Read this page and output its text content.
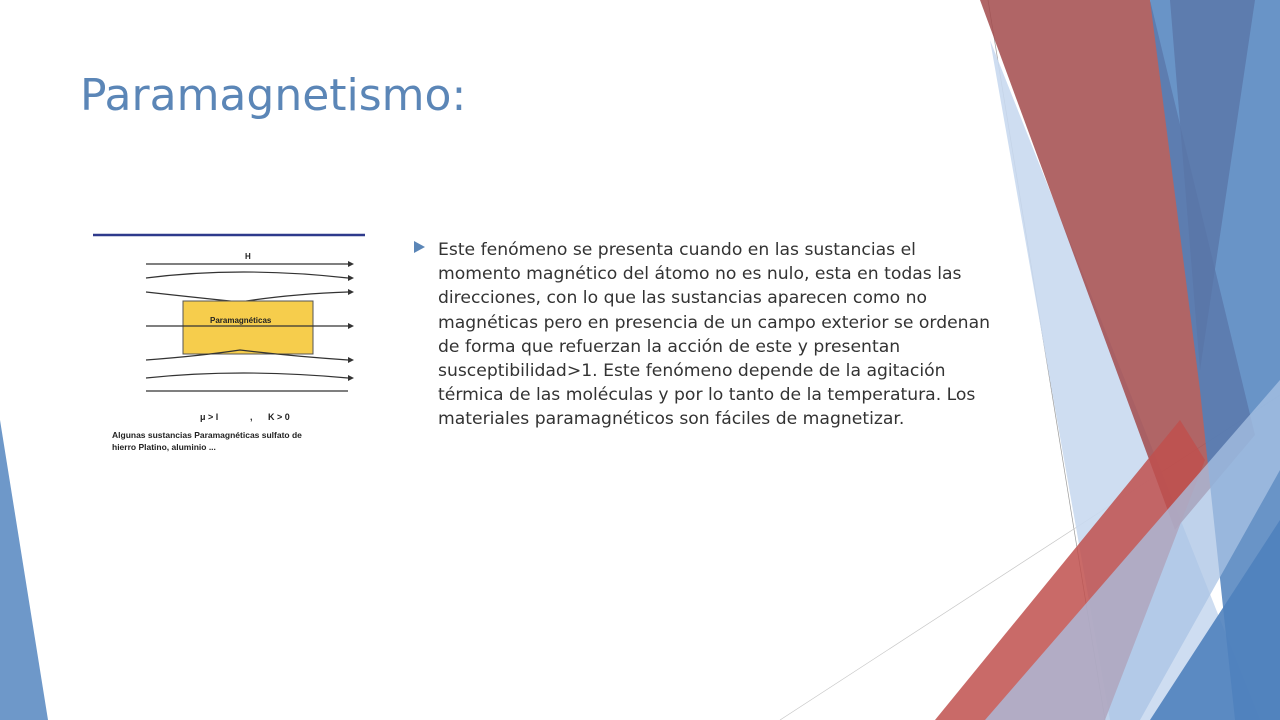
Paramagnetismo:
H
Paramagnéticas
μ > l	, K > 0
Algunas sustancias Paramagnéticas sulfato de
hierro Platino, aluminio ...

Este fenómeno se presenta cuando en las sustancias el momento magnético del átomo no es nulo, esta en todas las direcciones, con lo que las sustancias aparecen como no magnéticas pero en presencia de un campo exterior se ordenan de forma que refuerzan la acción de este y presentan susceptibilidad>1. Este fenómeno depende de la agitación térmica de las moléculas y por lo tanto de la temperatura. Los materiales paramagnéticos son fáciles de magnetizar.
